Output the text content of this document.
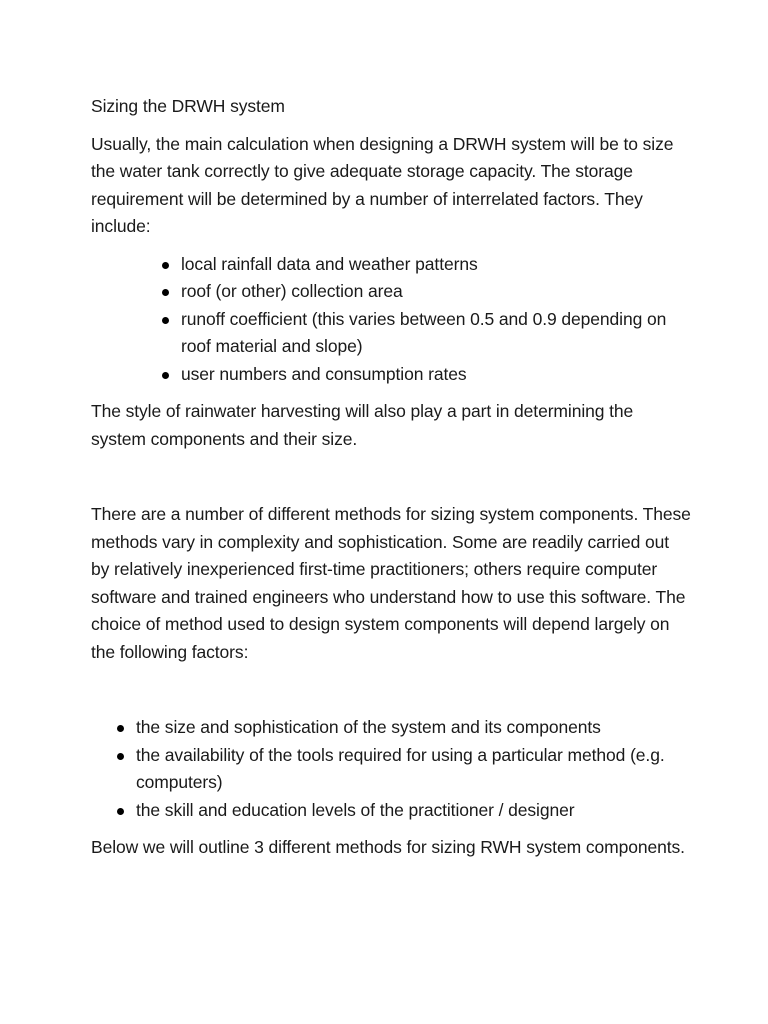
Sizing the DRWH system

Usually, the main calculation when designing a DRWH system will be to size the water tank correctly to give adequate storage capacity. The storage requirement will be determined by a number of interrelated factors. They include:

local rainfall data and weather patterns
roof (or other) collection area
runoff coefficient (this varies between 0.5 and 0.9 depending on roof material and slope)
user numbers and consumption rates

The style of rainwater harvesting will also play a part in determining the system components and their size.

There are a number of different methods for sizing system components. These methods vary in complexity and sophistication. Some are readily carried out by relatively inexperienced first-time practitioners; others require computer software and trained engineers who understand how to use this software. The choice of method used to design system components will depend largely on the following factors:

the size and sophistication of the system and its components
the availability of the tools required for using a particular method (e.g. computers)
the skill and education levels of the practitioner / designer

Below we will outline 3 different methods for sizing RWH system components.
